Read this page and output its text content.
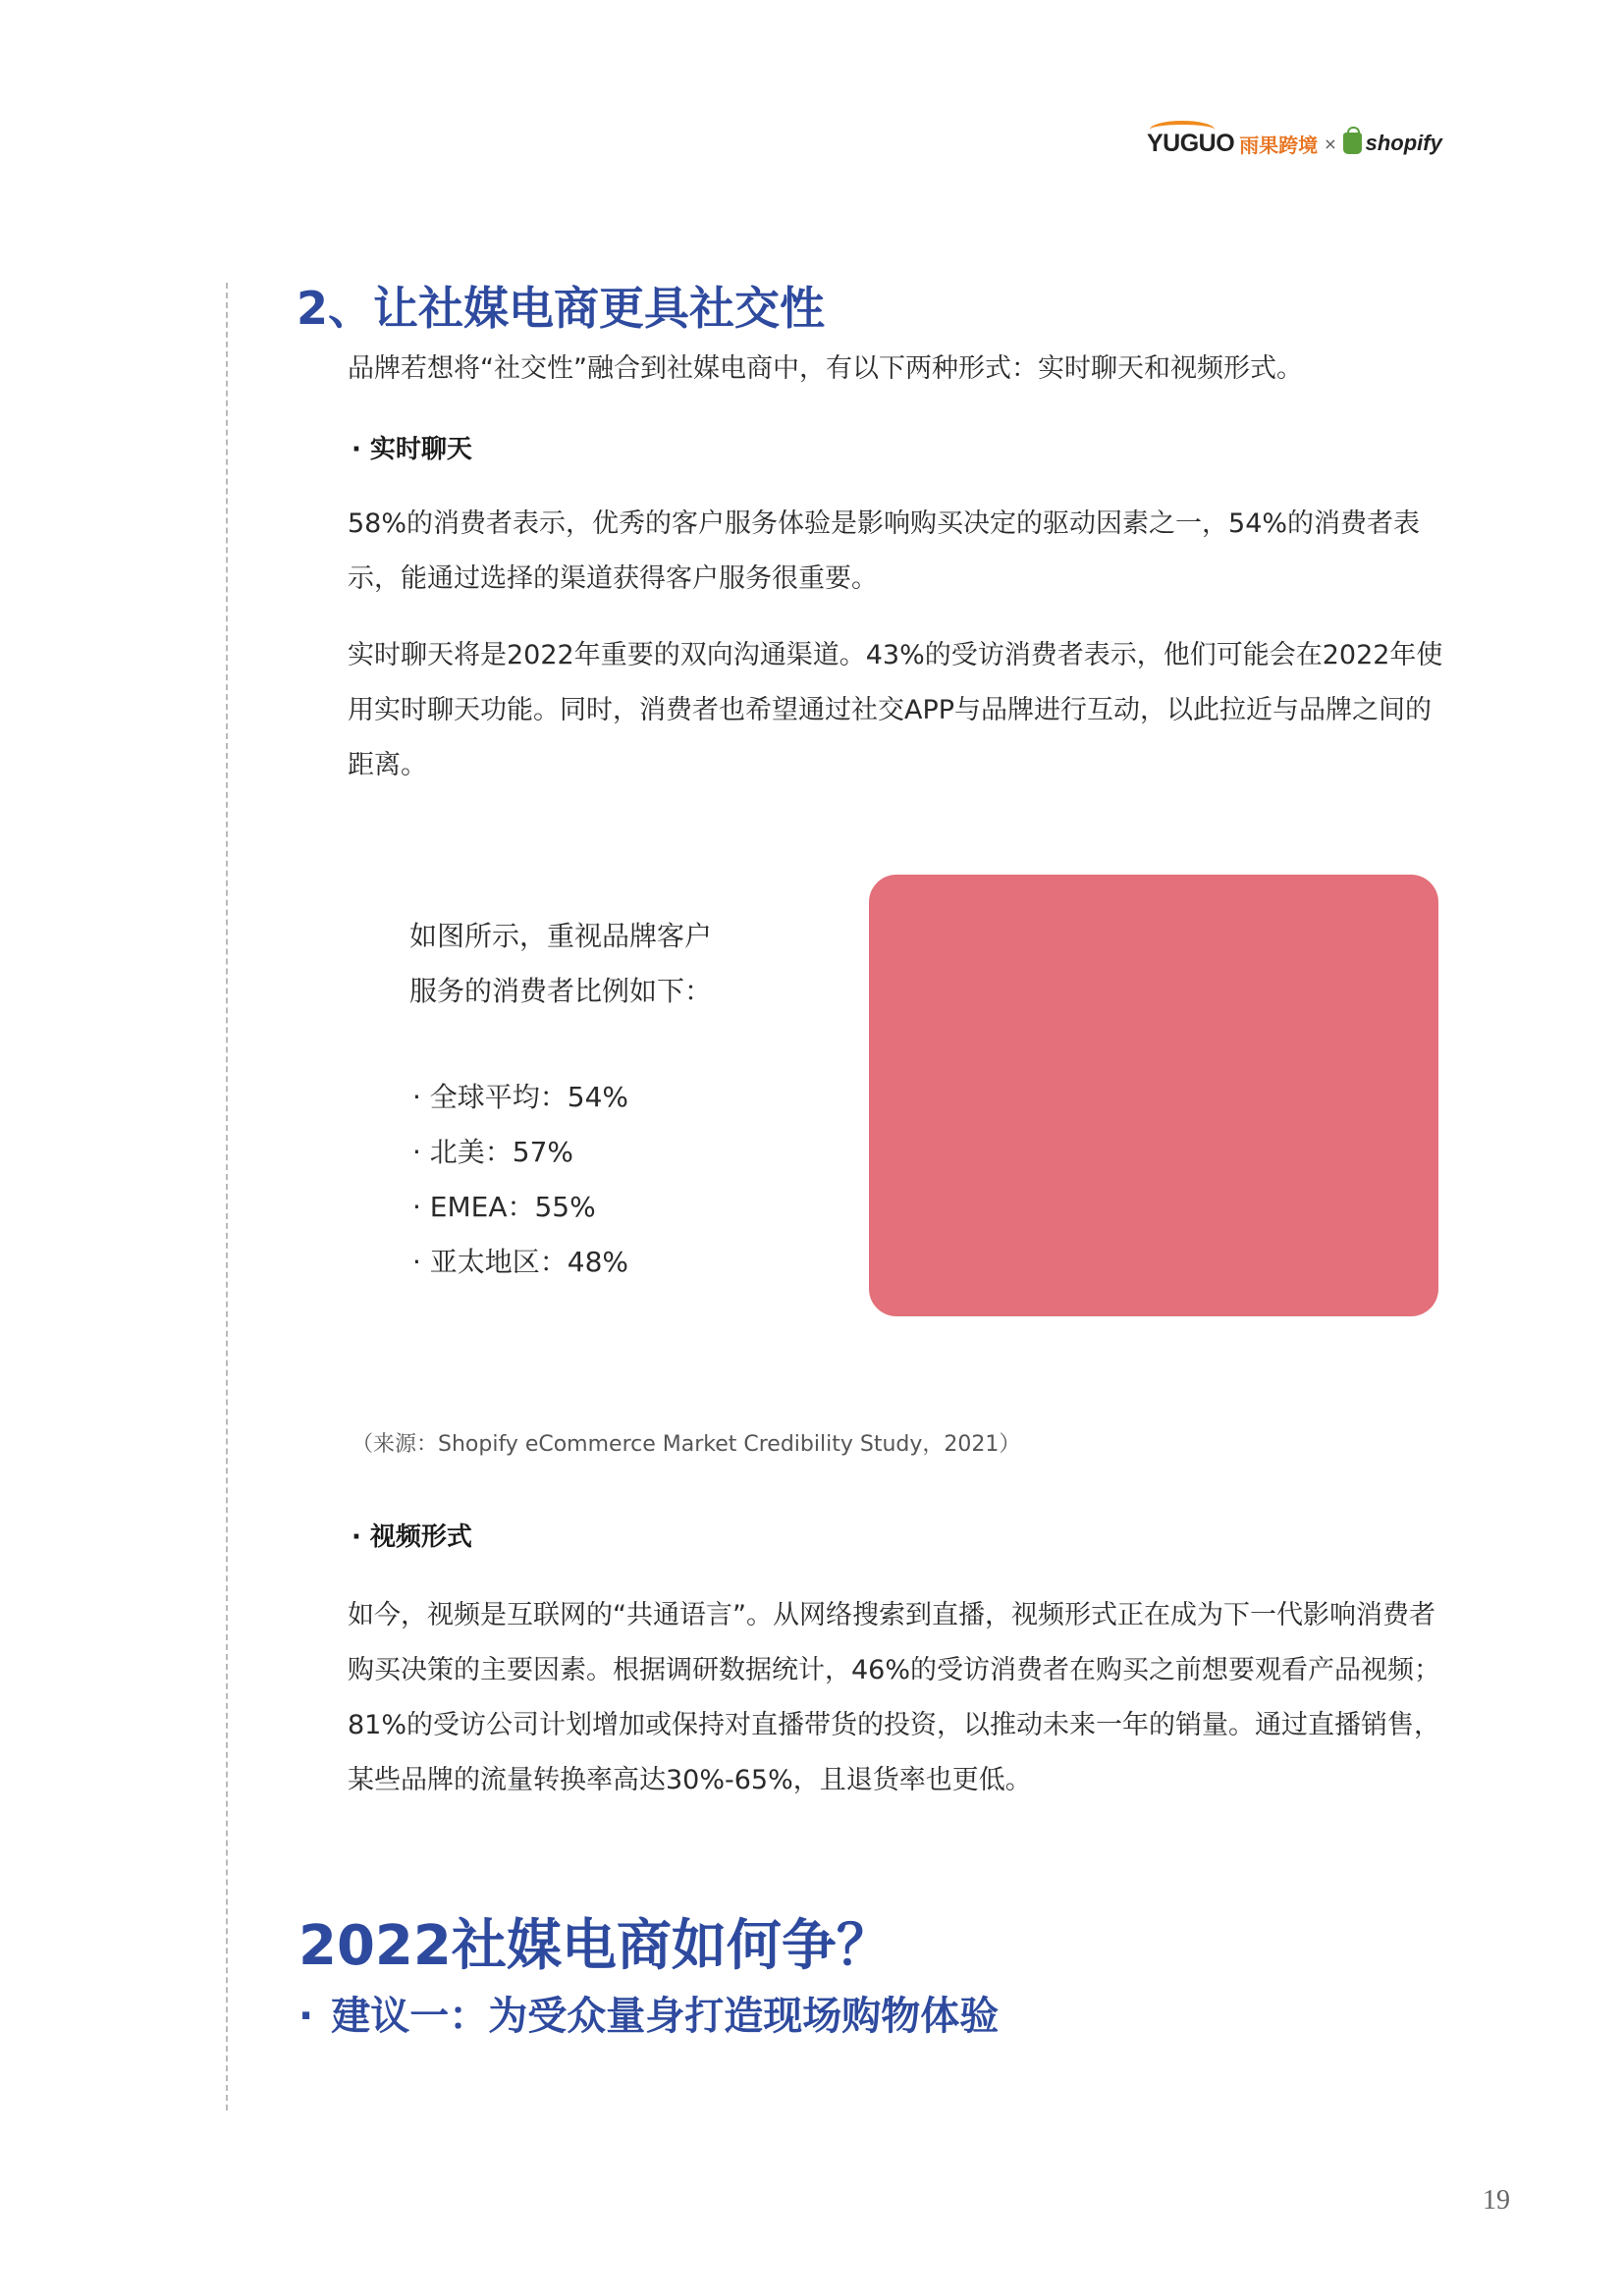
YUGUO 雨果跨境 × shopify
2、让社媒电商更具社交性
品牌若想将“社交性”融合到社媒电商中，有以下两种形式：实时聊天和视频形式。
· 实时聊天
58%的消费者表示，优秀的客户服务体验是影响购买决定的驱动因素之一，54%的消费者表示，能通过选择的渠道获得客户服务很重要。
实时聊天将是2022年重要的双向沟通渠道。43%的受访消费者表示，他们可能会在2022年使用实时聊天功能。同时，消费者也希望通过社交APP与品牌进行互动，以此拉近与品牌之间的距离。
如图所示，重视品牌客户
服务的消费者比例如下：
· 全球平均：54%
· 北美：57%
· EMEA：55%
· 亚太地区：48%
（来源：Shopify eCommerce Market Credibility Study，2021）
· 视频形式
如今，视频是互联网的“共通语言”。从网络搜索到直播，视频形式正在成为下一代影响消费者购买决策的主要因素。根据调研数据统计，46%的受访消费者在购买之前想要观看产品视频；81%的受访公司计划增加或保持对直播带货的投资，以推动未来一年的销量。通过直播销售，某些品牌的流量转换率高达30%-65%，且退货率也更低。
2022社媒电商如何争？
· 建议一：为受众量身打造现场购物体验
19
